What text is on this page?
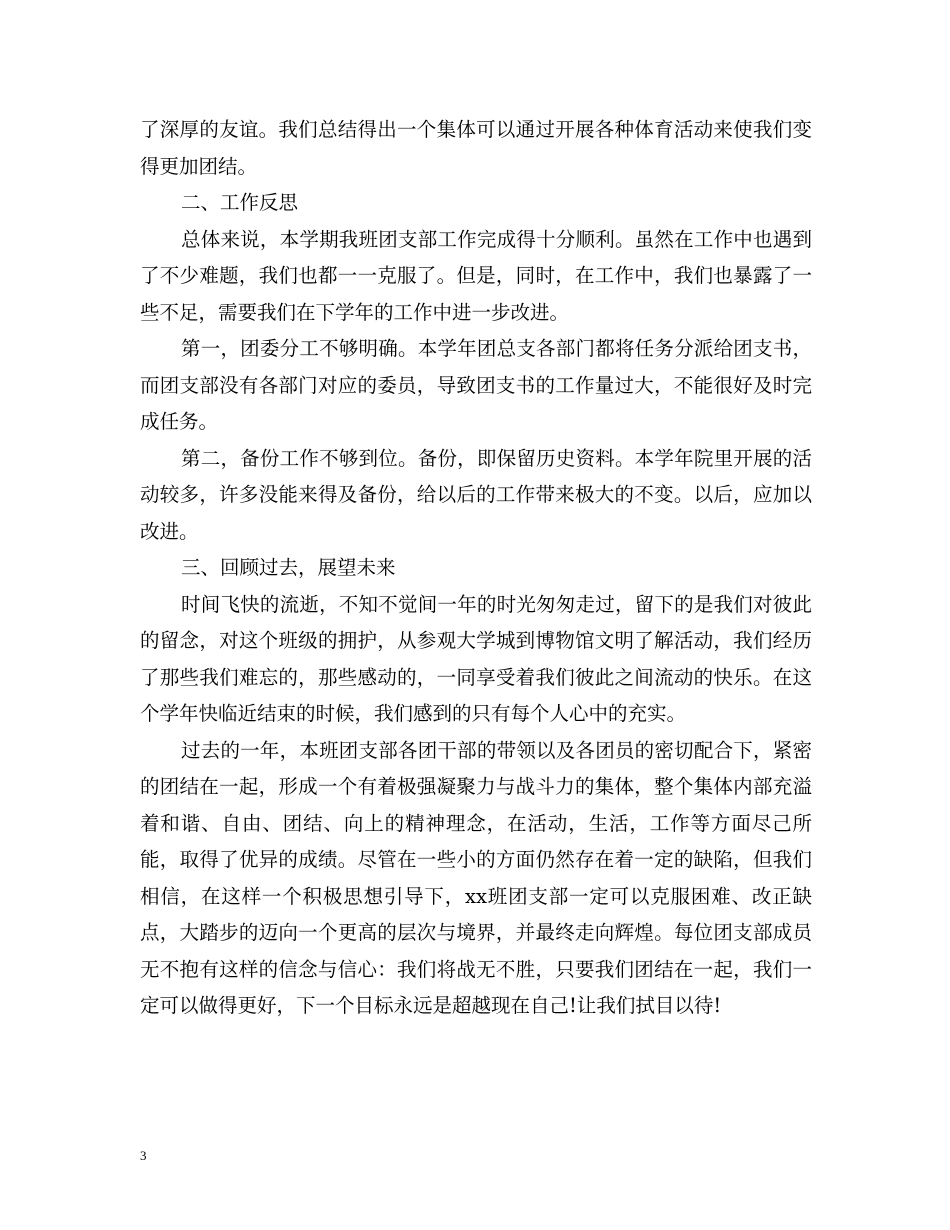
了深厚的友谊。我们总结得出一个集体可以通过开展各种体育活动来使我们变得更加团结。

二、工作反思

总体来说，本学期我班团支部工作完成得十分顺利。虽然在工作中也遇到了不少难题，我们也都一一克服了。但是，同时，在工作中，我们也暴露了一些不足，需要我们在下学年的工作中进一步改进。

第一，团委分工不够明确。本学年团总支各部门都将任务分派给团支书，而团支部没有各部门对应的委员，导致团支书的工作量过大，不能很好及时完成任务。

第二，备份工作不够到位。备份，即保留历史资料。本学年院里开展的活动较多，许多没能来得及备份，给以后的工作带来极大的不变。以后，应加以改进。

三、回顾过去，展望未来

时间飞快的流逝，不知不觉间一年的时光匆匆走过，留下的是我们对彼此的留念，对这个班级的拥护，从参观大学城到博物馆文明了解活动，我们经历了那些我们难忘的，那些感动的，一同享受着我们彼此之间流动的快乐。在这个学年快临近结束的时候，我们感到的只有每个人心中的充实。

过去的一年，本班团支部各团干部的带领以及各团员的密切配合下，紧密的团结在一起，形成一个有着极强凝聚力与战斗力的集体，整个集体内部充溢着和谐、自由、团结、向上的精神理念，在活动，生活，工作等方面尽己所能，取得了优异的成绩。尽管在一些小的方面仍然存在着一定的缺陷，但我们相信，在这样一个积极思想引导下，xx班团支部一定可以克服困难、改正缺点，大踏步的迈向一个更高的层次与境界，并最终走向辉煌。每位团支部成员无不抱有这样的信念与信心：我们将战无不胜，只要我们团结在一起，我们一定可以做得更好，下一个目标永远是超越现在自己!让我们拭目以待!

3
